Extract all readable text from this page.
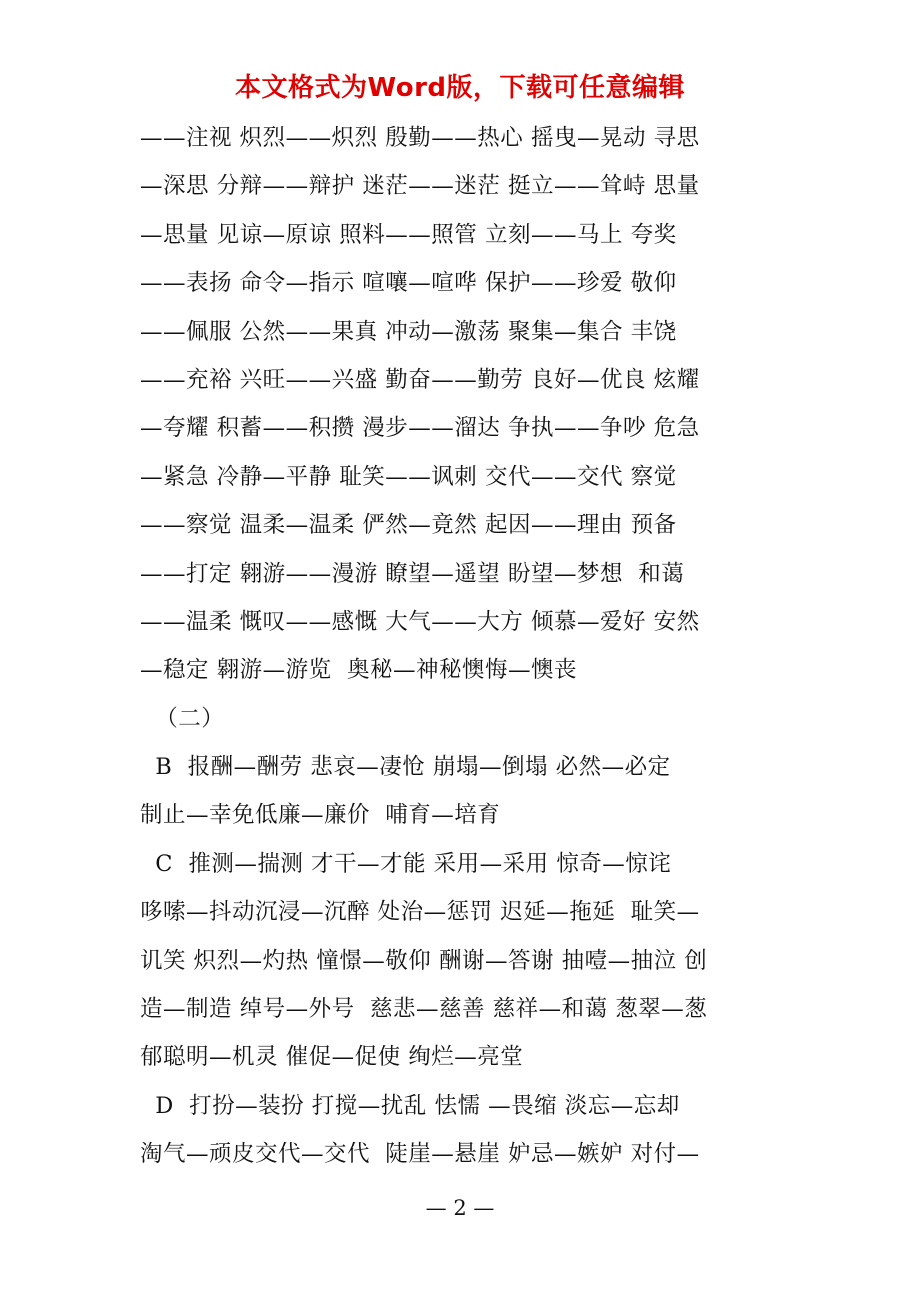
本文格式为Word版，下载可任意编辑
——注视 炽烈——炽烈 殷勤——热心 摇曳—晃动 寻思
—深思 分辩——辩护 迷茫——迷茫 挺立——耸峙 思量
—思量 见谅—原谅 照料——照管 立刻——马上 夸奖
——表扬 命令—指示 喧嚷—喧哗 保护——珍爱 敬仰
——佩服 公然——果真 冲动—激荡 聚集—集合 丰饶
——充裕 兴旺——兴盛 勤奋——勤劳 良好—优良 炫耀
—夸耀 积蓄——积攒 漫步——溜达 争执——争吵 危急
—紧急 冷静—平静 耻笑——讽刺 交代——交代 察觉
——察觉 温柔—温柔 俨然—竟然 起因——理由 预备
——打定 翱游——漫游 瞭望—遥望 盼望—梦想  和蔼
——温柔 慨叹——感慨 大气——大方 倾慕—爱好 安然
—稳定 翱游—游览  奥秘—神秘懊悔—懊丧
（二）
B  报酬—酬劳 悲哀—凄怆 崩塌—倒塌 必然—必定
制止—幸免低廉—廉价  哺育—培育
C  推测—揣测 才干—才能 采用—采用 惊奇—惊诧
哆嗦—抖动沉浸—沉醉 处治—惩罚 迟延—拖延  耻笑—
讥笑 炽烈—灼热 憧憬—敬仰 酬谢—答谢 抽噎—抽泣 创
造—制造 绰号—外号  慈悲—慈善 慈祥—和蔼 葱翠—葱
郁聪明—机灵 催促—促使 绚烂—亮堂
D  打扮—装扮 打搅—扰乱 怯懦 —畏缩 淡忘—忘却
淘气—顽皮交代—交代  陡崖—悬崖 妒忌—嫉妒 对付—
— 2 —
